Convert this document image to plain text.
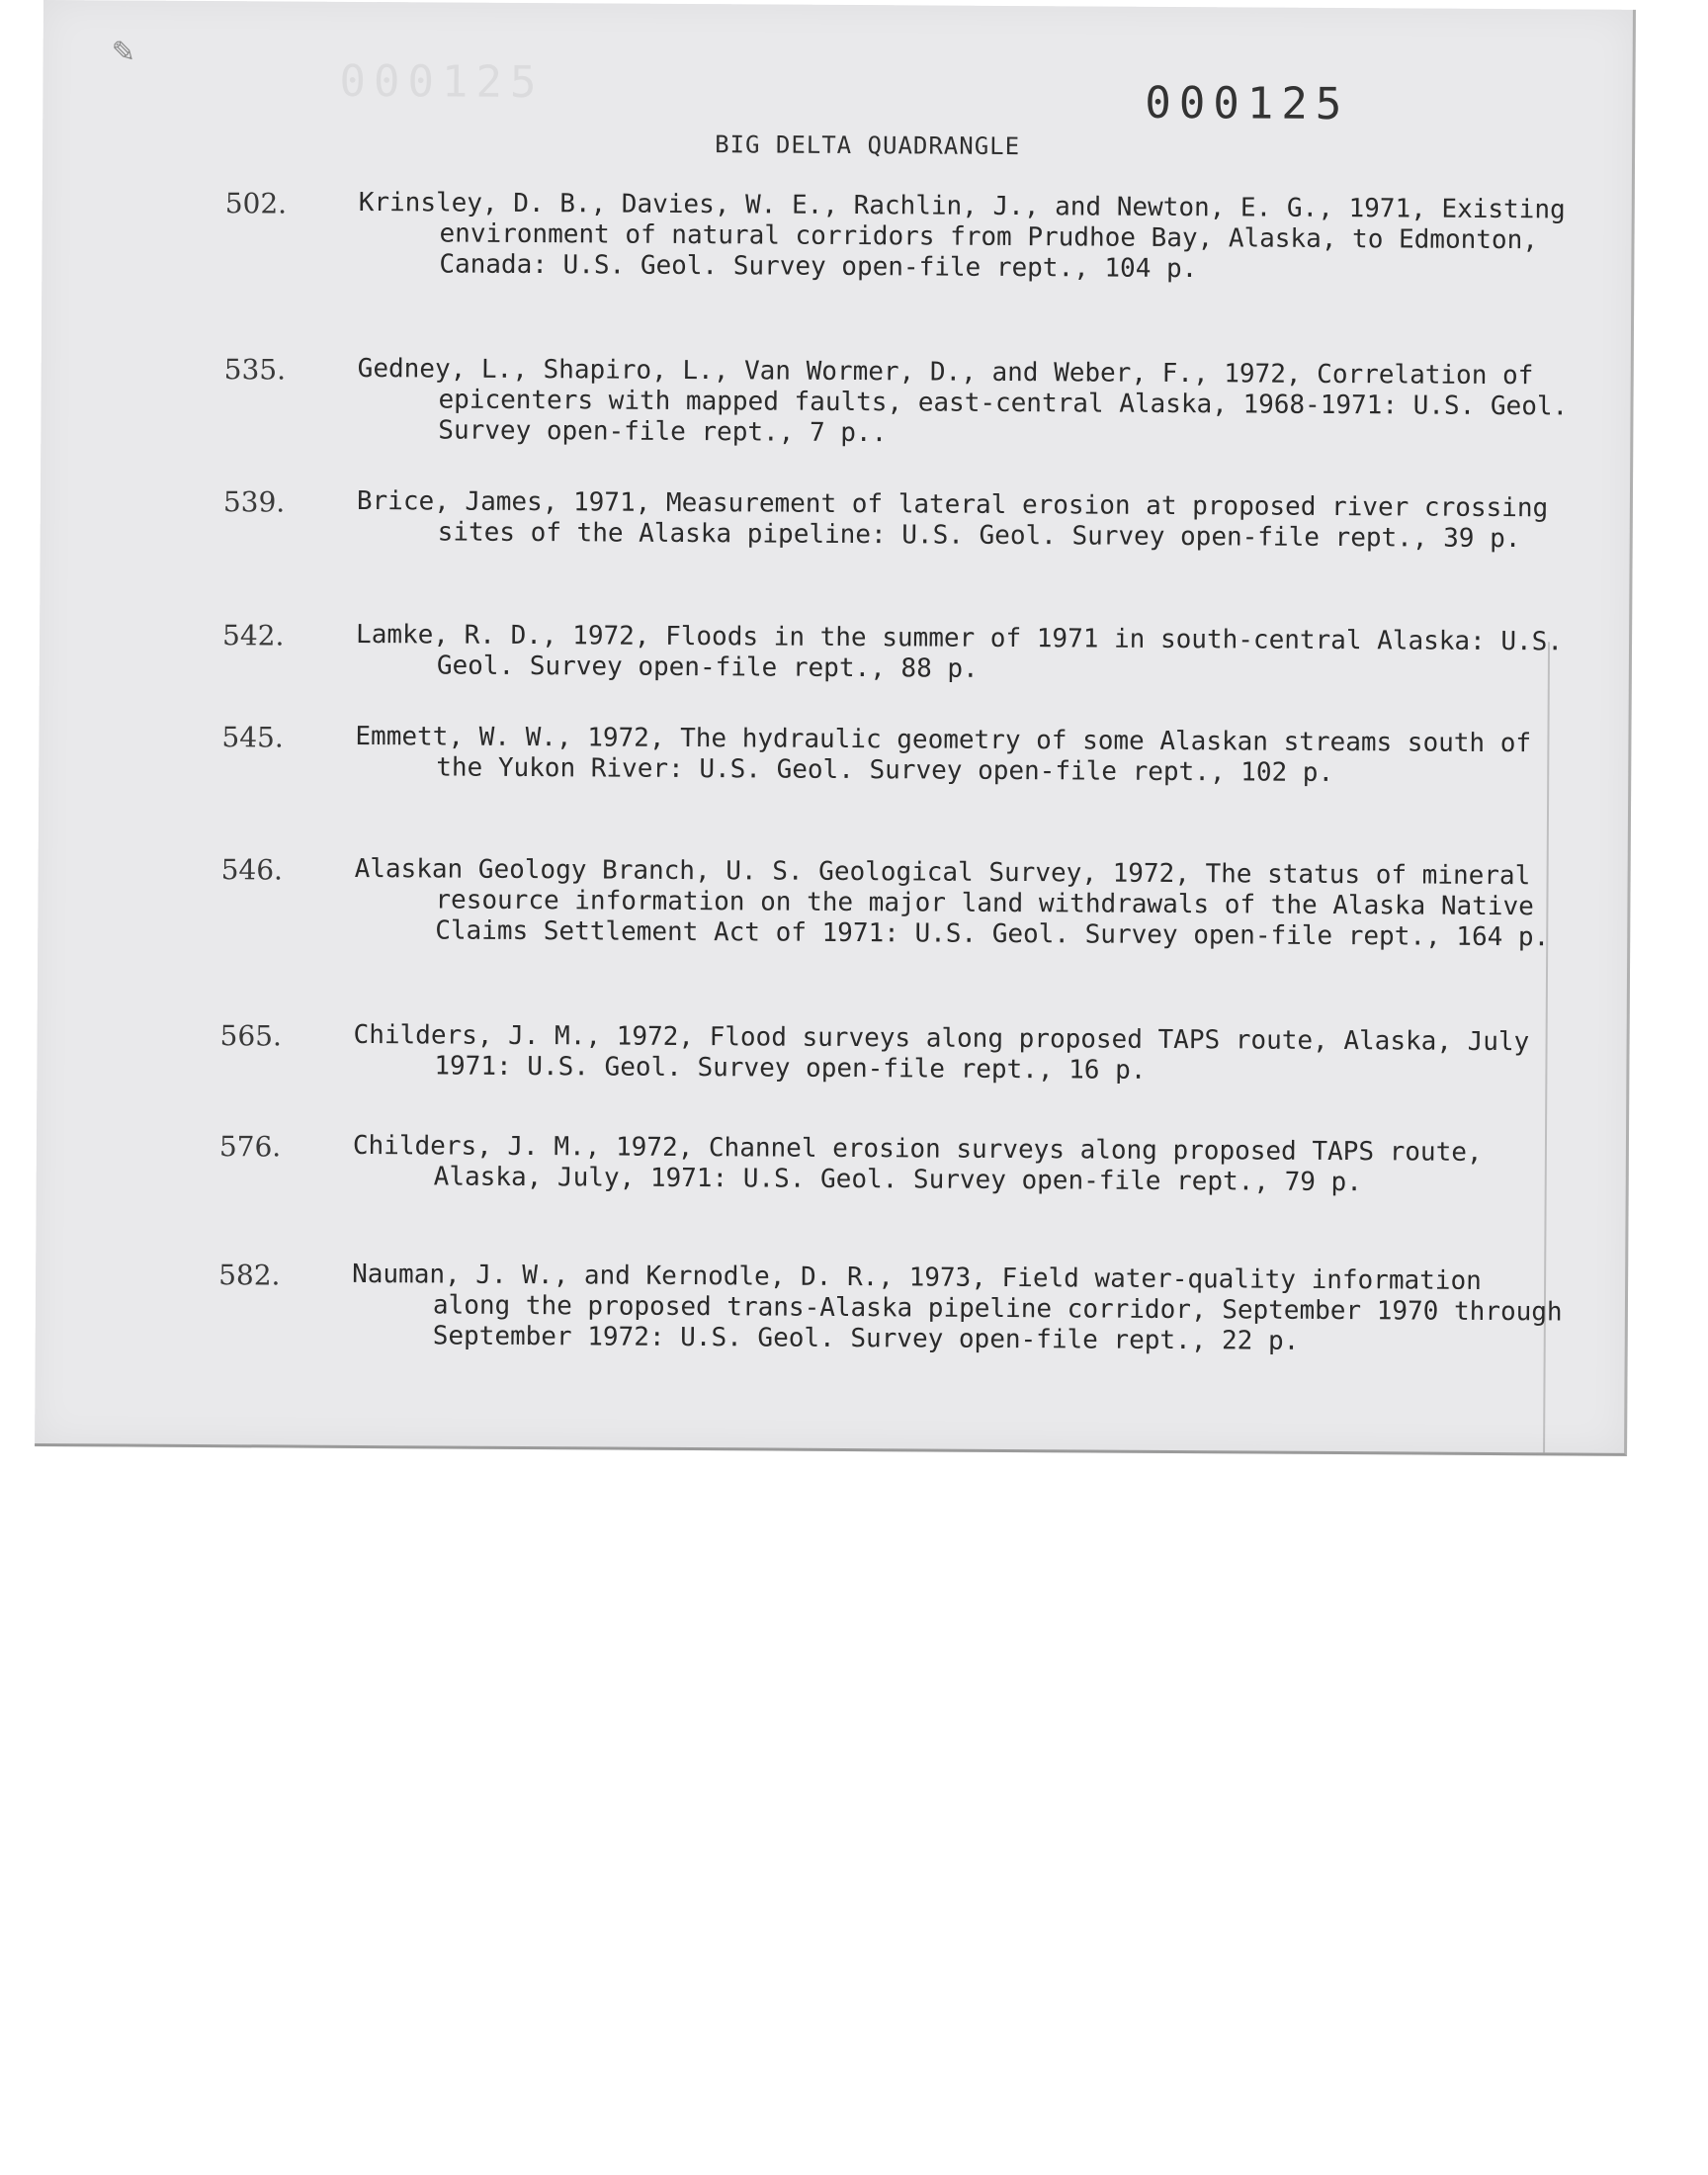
✎
000125	000125
BIG DELTA QUADRANGLE
502.	Krinsley, D. B., Davies, W. E., Rachlin, J., and Newton, E. G., 1971, Existing environment of natural corridors from Prudhoe Bay, Alaska, to Edmonton, Canada: U.S. Geol. Survey open-file rept., 104 p.
535.	Gedney, L., Shapiro, L., Van Wormer, D., and Weber, F., 1972, Correlation of epicenters with mapped faults, east-central Alaska, 1968-1971: U.S. Geol. Survey open-file rept., 7 p..
539.	Brice, James, 1971, Measurement of lateral erosion at proposed river crossing sites of the Alaska pipeline: U.S. Geol. Survey open-file rept., 39 p.
542.	Lamke, R. D., 1972, Floods in the summer of 1971 in south-central Alaska: U.S. Geol. Survey open-file rept., 88 p.
545.	Emmett, W. W., 1972, The hydraulic geometry of some Alaskan streams south of the Yukon River: U.S. Geol. Survey open-file rept., 102 p.
546.	Alaskan Geology Branch, U. S. Geological Survey, 1972, The status of mineral resource information on the major land withdrawals of the Alaska Native Claims Settlement Act of 1971: U.S. Geol. Survey open-file rept., 164 p.
565.	Childers, J. M., 1972, Flood surveys along proposed TAPS route, Alaska, July 1971: U.S. Geol. Survey open-file rept., 16 p.
576.	Childers, J. M., 1972, Channel erosion surveys along proposed TAPS route, Alaska, July, 1971: U.S. Geol. Survey open-file rept., 79 p.
582.	Nauman, J. W., and Kernodle, D. R., 1973, Field water-quality information along the proposed trans-Alaska pipeline corridor, September 1970 through September 1972: U.S. Geol. Survey open-file rept., 22 p.
